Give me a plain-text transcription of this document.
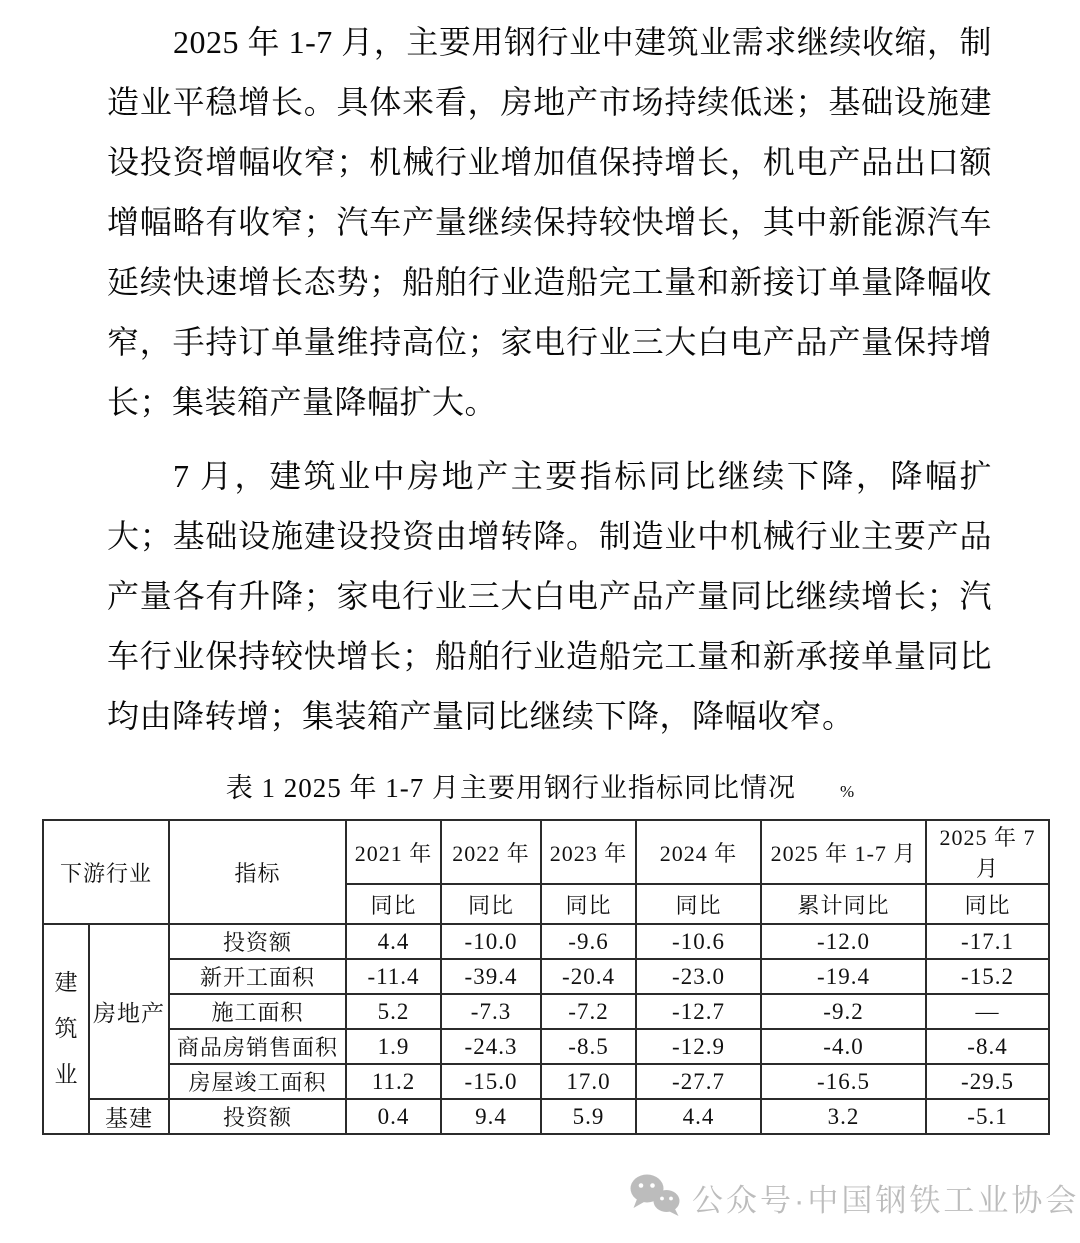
2025 年 1-7 月，主要用钢行业中建筑业需求继续收缩，制造业平稳增长。具体来看，房地产市场持续低迷；基础设施建设投资增幅收窄；机械行业增加值保持增长，机电产品出口额增幅略有收窄；汽车产量继续保持较快增长，其中新能源汽车延续快速增长态势；船舶行业造船完工量和新接订单量降幅收窄，手持订单量维持高位；家电行业三大白电产品产量保持增长；集装箱产量降幅扩大。

7 月，建筑业中房地产主要指标同比继续下降，降幅扩大；基础设施建设投资由增转降。制造业中机械行业主要产品产量各有升降；家电行业三大白电产品产量同比继续增长；汽车行业保持较快增长；船舶行业造船完工量和新承接单量同比均由降转增；集装箱产量同比继续下降，降幅收窄。

表 1 2025 年 1-7 月主要用钢行业指标同比情况	%
下游行业		指标	2021 年	2022 年	2023 年	2024 年	2025 年 1-7 月	2025 年 7 月
			同比	同比	同比	同比	累计同比	同比

建筑业	房地产	投资额	4.4	-10.0	-9.6	-10.6	-12.0	-17.1
		新开工面积	-11.4	-39.4	-20.4	-23.0	-19.4	-15.2
		施工面积	5.2	-7.3	-7.2	-12.7	-9.2	—
		商品房销售面积	1.9	-24.3	-8.5	-12.9	-4.0	-8.4
		房屋竣工面积	11.2	-15.0	17.0	-27.7	-16.5	-29.5
	基建	投资额	0.4	9.4	5.9	4.4	3.2	-5.1
公众号·中国钢铁工业协会
